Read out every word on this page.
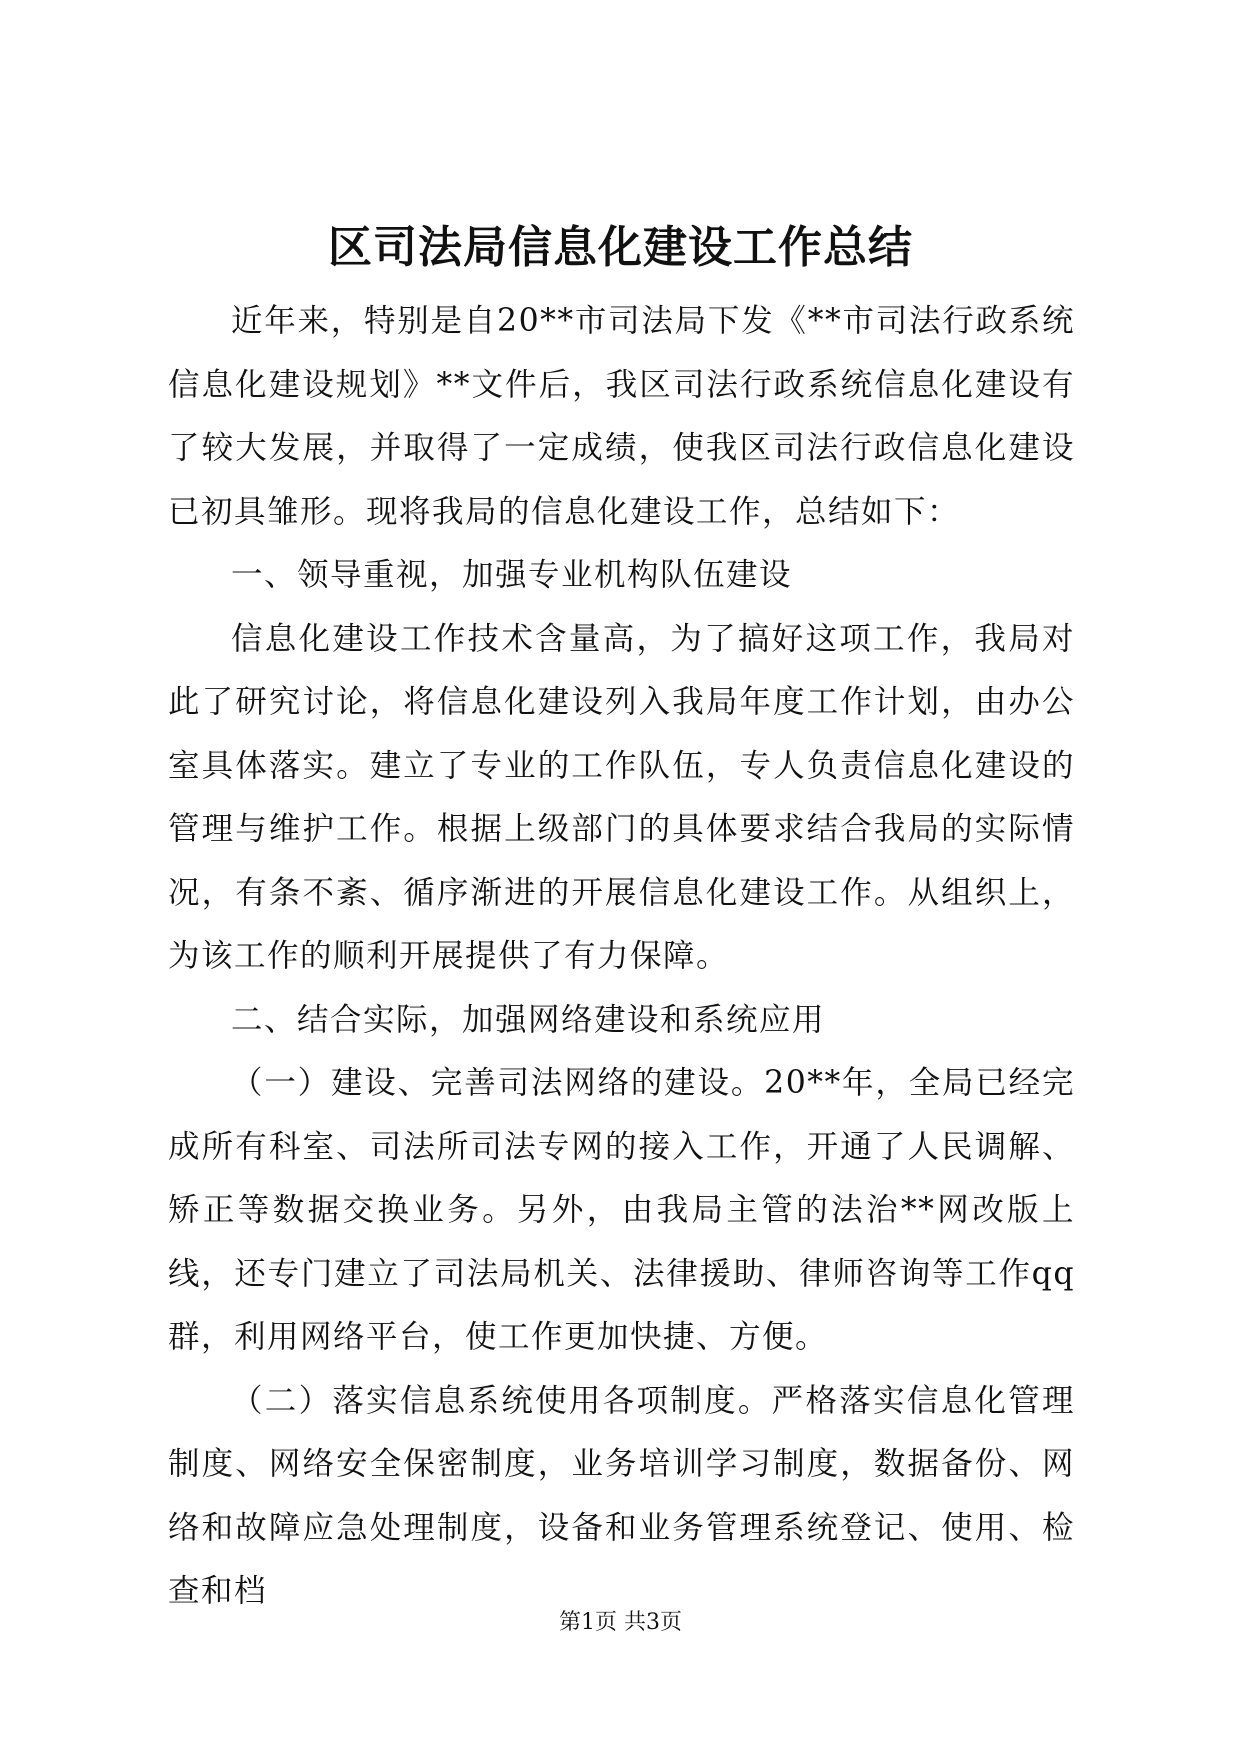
区司法局信息化建设工作总结

近年来，特别是自20**市司法局下发《**市司法行政系统信息化建设规划》**文件后，我区司法行政系统信息化建设有了较大发展，并取得了一定成绩，使我区司法行政信息化建设已初具雏形。现将我局的信息化建设工作，总结如下：

一、领导重视，加强专业机构队伍建设

信息化建设工作技术含量高，为了搞好这项工作，我局对此了研究讨论，将信息化建设列入我局年度工作计划，由办公室具体落实。建立了专业的工作队伍，专人负责信息化建设的管理与维护工作。根据上级部门的具体要求结合我局的实际情况，有条不紊、循序渐进的开展信息化建设工作。从组织上，为该工作的顺利开展提供了有力保障。

二、结合实际，加强网络建设和系统应用

（一）建设、完善司法网络的建设。20**年，全局已经完成所有科室、司法所司法专网的接入工作，开通了人民调解、矫正等数据交换业务。另外，由我局主管的法治**网改版上线，还专门建立了司法局机关、法律援助、律师咨询等工作qq群，利用网络平台，使工作更加快捷、方便。

（二）落实信息系统使用各项制度。严格落实信息化管理制度、网络安全保密制度，业务培训学习制度，数据备份、网络和故障应急处理制度，设备和业务管理系统登记、使用、检查和档

第1页 共3页
